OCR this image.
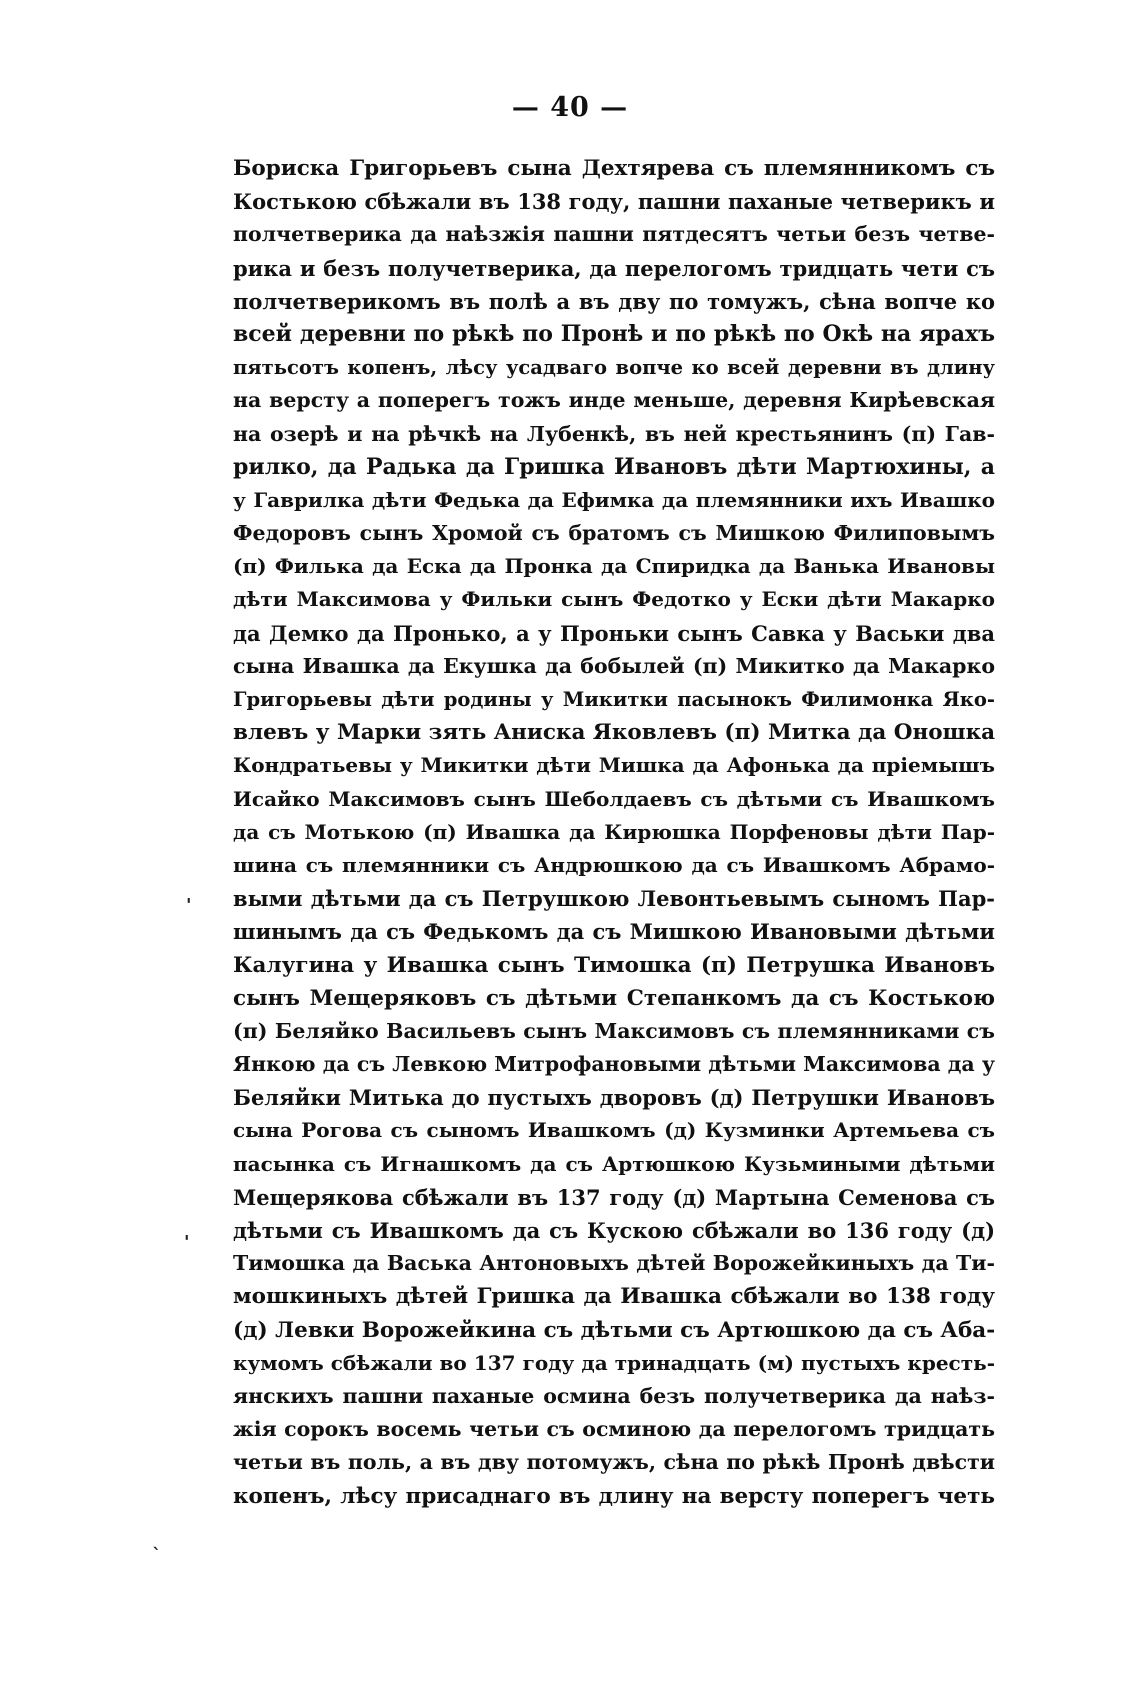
— 40 —
Бориска Григорьевъ сына Дехтярева съ племянникомъ съ
Костькою сбѣжали въ 138 году, пашни паханые четверикъ и
полчетверика да наѣзжія пашни пятдесятъ четьи безъ четве-
рика и безъ получетверика, да перелогомъ тридцать чети съ
полчетверикомъ въ полѣ а въ дву по томужъ, сѣна вопче ко
всей деревни по рѣкѣ по Пронѣ и по рѣкѣ по Окѣ на ярахъ
пятьсотъ копенъ, лѣсу усадваго вопче ко всей деревни въ длину
на версту а поперегъ тожъ инде меньше, деревня Кирѣевская
на озерѣ и на рѣчкѣ на Лубенкѣ, въ ней крестьянинъ (п) Гав-
рилко, да Радька да Гришка Ивановъ дѣти Мартюхины, а
у Гаврилка дѣти Федька да Ефимка да племянники ихъ Ивашко
Федоровъ сынъ Хромой съ братомъ съ Мишкою Филиповымъ
(п) Филька да Еска да Пронка да Спиридка да Ванька Ивановы
дѣти Максимова у Фильки сынъ Федотко у Ески дѣти Макарко
да Демко да Пронько, а у Проньки сынъ Савка у Васьки два
сына Ивашка да Екушка да бобылей (п) Микитко да Макарко
Григорьевы дѣти родины у Микитки пасынокъ Филимонка Яко-
влевъ у Марки зять Аниска Яковлевъ (п) Митка да Оношка
Кондратьевы у Микитки дѣти Мишка да Афонька да пріемышъ
Исайко Максимовъ сынъ Шеболдаевъ съ дѣтьми съ Ивашкомъ
да съ Мотькою (п) Ивашка да Кирюшка Порфеновы дѣти Пар-
шина съ племянники съ Андрюшкою да съ Ивашкомъ Абрамо-
выми дѣтьми да съ Петрушкою Левонтьевымъ сыномъ Пар-
шинымъ да съ Федькомъ да съ Мишкою Ивановыми дѣтьми
Калугина у Ивашка сынъ Тимошка (п) Петрушка Ивановъ
сынъ Мещеряковъ съ дѣтьми Степанкомъ да съ Костькою
(п) Беляйко Васильевъ сынъ Максимовъ съ племянниками съ
Янкою да съ Левкою Митрофановыми дѣтьми Максимова да у
Беляйки Митька до пустыхъ дворовъ (д) Петрушки Ивановъ
сына Рогова съ сыномъ Ивашкомъ (д) Кузминки Артемьева съ
пасынка съ Игнашкомъ да съ Артюшкою Кузьмиными дѣтьми
Мещерякова сбѣжали въ 137 году (д) Мартына Семенова съ
дѣтьми съ Ивашкомъ да съ Кускою сбѣжали во 136 году (д)
Тимошка да Васька Антоновыхъ дѣтей Ворожейкиныхъ да Ти-
мошкиныхъ дѣтей Гришка да Ивашка сбѣжали во 138 году
(д) Левки Ворожейкина съ дѣтьми съ Артюшкою да съ Аба-
кумомъ сбѣжали во 137 году да тринадцать (м) пустыхъ кресть-
янскихъ пашни паханые осмина безъ получетверика да наѣз-
жія сорокъ восемь четьи съ осминою да перелогомъ тридцать
четьи въ поль, а въ дву потомужъ, сѣна по рѣкѣ Пронѣ двѣсти
копенъ, лѣсу присаднаго въ длину на версту поперегъ четь
'
'
`
